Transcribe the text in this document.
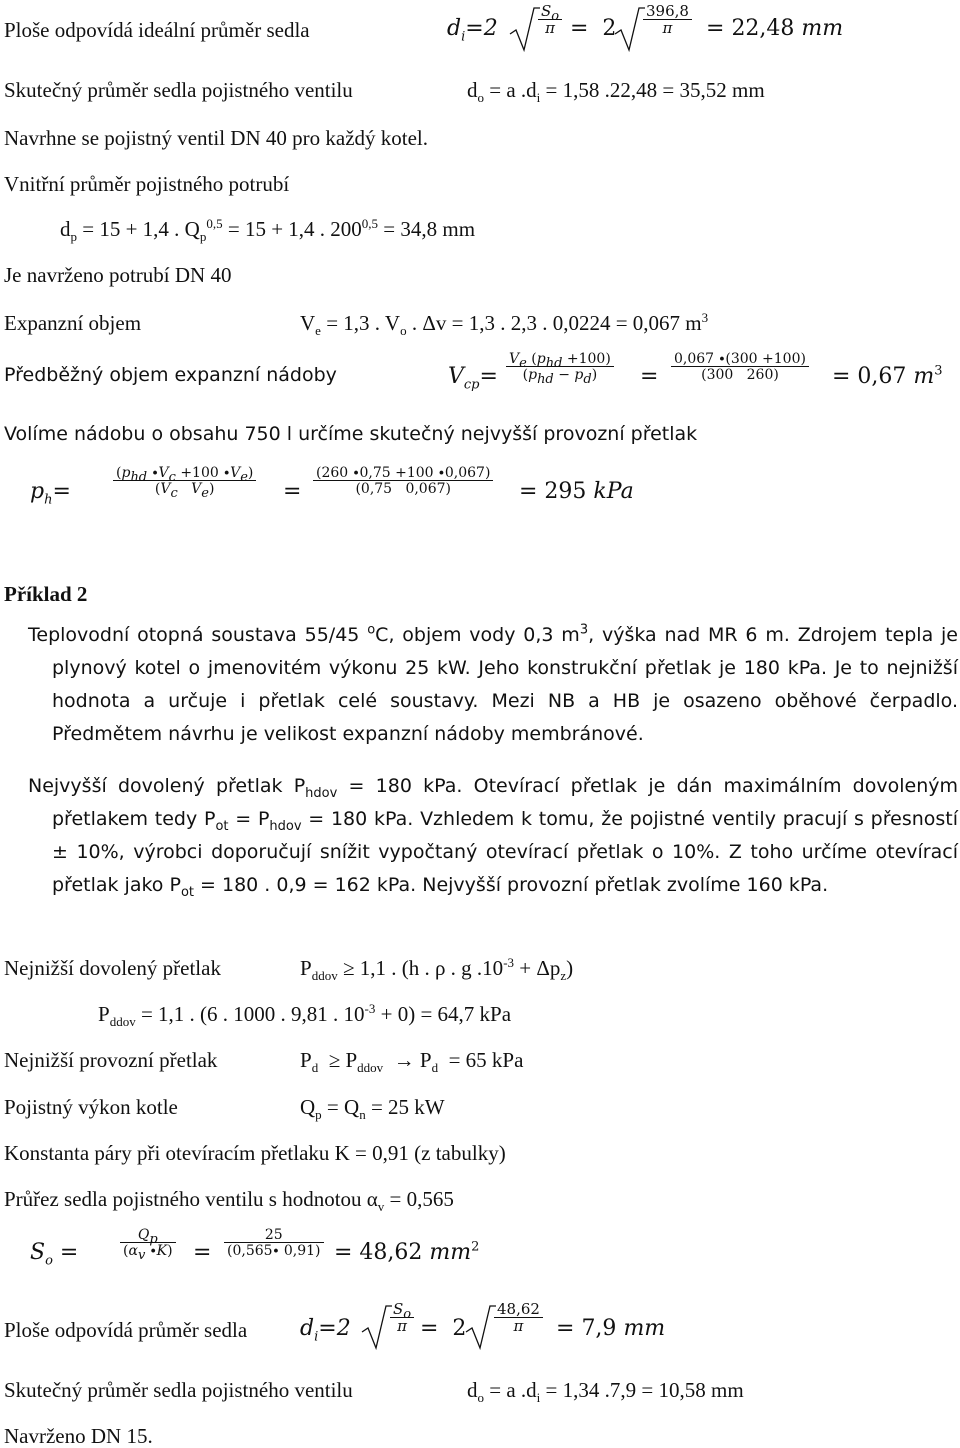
Ploše odpovídá ideální průměr sedla	$d_i=2$	$\frac{S_o}{\pi} = 2 \frac{396,8}{\pi} = 22,48$ mm
Skutečný průměr sedla pojistného ventilu	$d_o = a$ $.d_i = 1,58$ .22,48 = 35,52 mm
Navrhne se pojistný ventil DN 40 pro každý kotel.
Vnitřní průměr pojistného potrubí
$d_p = 15 + 1,4$ . $Q_p^{0,5} = 15 + 1,4$ . $200^{0,5} = 34,8$ mm
Je navrženo potrubí DN 40
Expanzní objem	$V_e = 1,3$ . $V_o$ . Δv = 1,3 . 2,3 . 0,0224 = 0,067 $m^3$
Předběžný objem expanzní nádoby	$V_{cp}= \frac{V_e (p_{hd} +100)}{(p_{hd} - p_d)} = \frac{0,067 \cdot(300 +100)}{(300 260)} = 0,67$ $m^3$
Volíme nádobu o obsahu 750 l určíme skutečný nejvyšší provozní přetlak
$p_h=$	$\frac{(p_{hd} \cdot V_c +100 \cdot V_e)}{(V_c V_e)} = \frac{(260 \cdot 0,75 +100 \cdot 0,067)}{(0,75 0,067)} = 295$ kPa
Příklad 2
Teplovodní otopná soustava 55/45 $^o$C, objem vody 0,3 $m^3$, výška nad MR 6 m. Zdrojem tepla je plynový kotel o jmenovitém výkonu 25 kW. Jeho konstrukční přetlak je 180 kPa. Je to nejnižší hodnota a určuje i přetlak celé soustavy. Mezi NB a HB je osazeno oběhové čerpadlo. Předmětem návrhu je velikost expanzní nádoby membránové.
Nejvyšší dovolený přetlak $P_{hdov} = 180$ kPa. Otevírací přetlak je dán maximálním dovoleným přetlakem tedy $P_{ot} = P_{hdov} = 180$ kPa. Vzhledem k tomu, že pojistné ventily pracují s přesností ± 10%, výrobci doporučují snížit vypočtaný otevírací přetlak o 10%. Z toho určíme otevírací přetlak jako $P_{ot} = 180$ . 0,9 = 162 kPa. Nejvyšší provozní přetlak zvolíme 160 kPa.
Nejnižší dovolený přetlak	$P_{ddov} \ge 1,1$ . (h . ρ . g $.10^{-3} + \Delta p_z$)
$P_{ddov} = 1,1$ . (6 . 1000 . 9,81 . $10^{-3} + 0) = 64,7$ kPa
Nejnižší provozní přetlak	$P_d \ge P_{ddov} \to P_d = 65$ kPa
Pojistný výkon kotle	$Q_p = Q_n = 25$ kW
Konstanta páry při otevíracím přetlaku K = 0,91 (z tabulky)
Průřez sedla pojistného ventilu s hodnotou $\alpha_v = 0,565$
$S_o$ =	$\frac{Q_p}{(\alpha_v \cdot K)} = \frac{25}{(0,565\cdot 0,91)} = 48,62$ $mm^2$
Ploše odpovídá průměr sedla $d_i=2$	$\frac{S_o}{\pi} = 2 \frac{48,62}{\pi} = 7,9$ mm
Skutečný průměr sedla pojistného ventilu	$d_o = a$ $.d_i = 1,34$ .7,9 = 10,58 mm
Navrženo DN 15.
